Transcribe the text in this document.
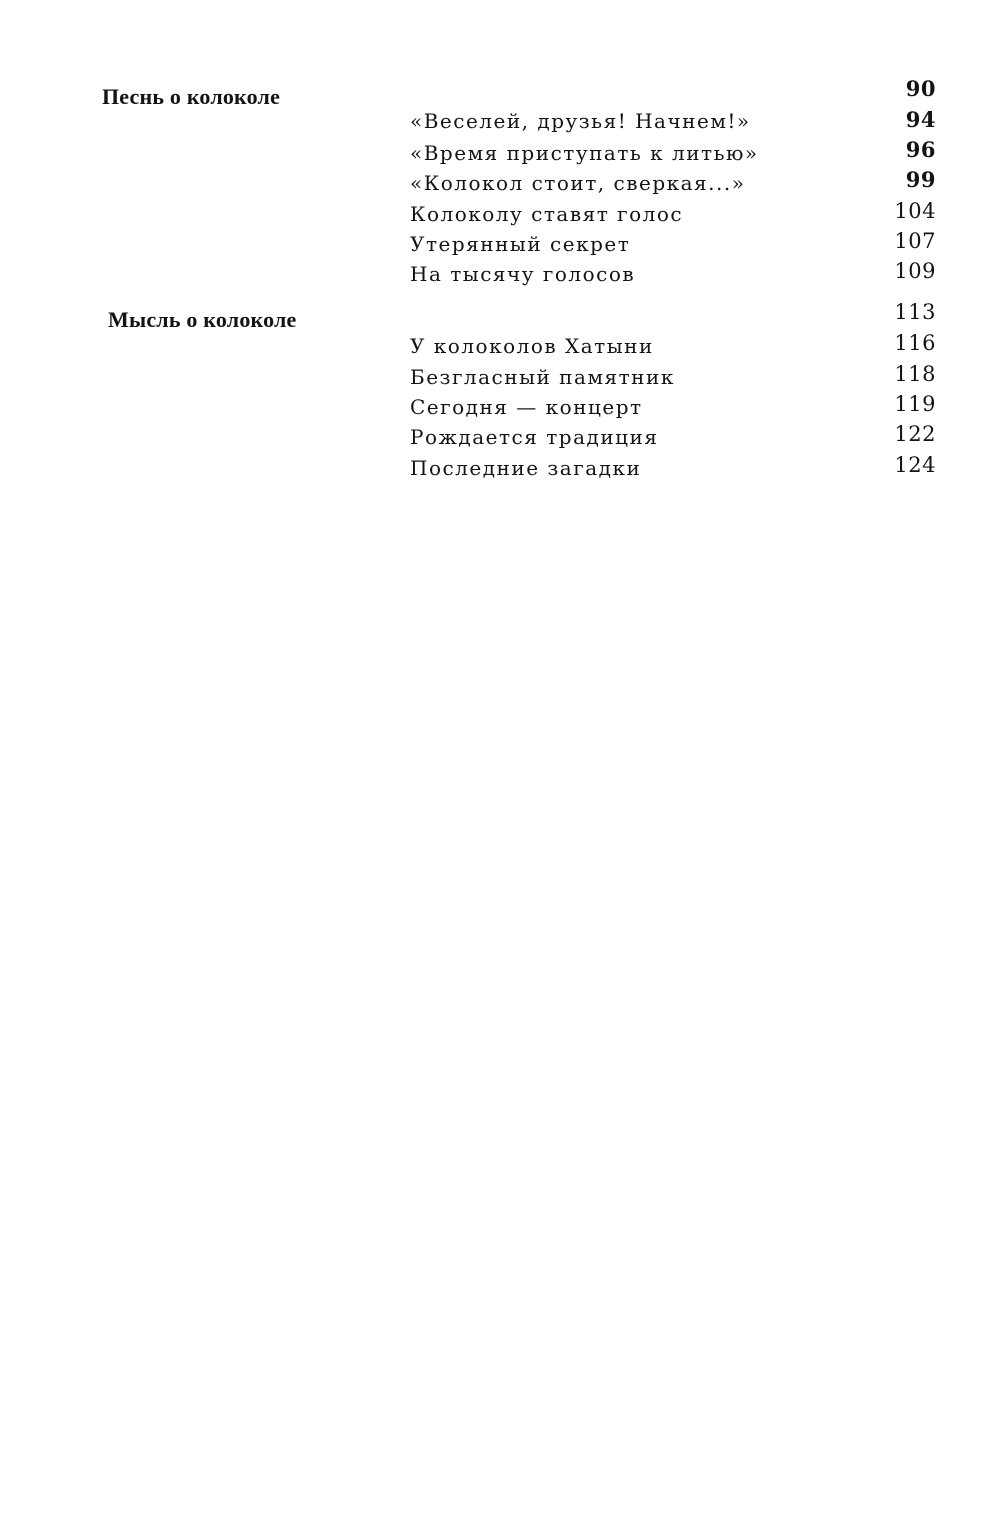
Песнь о колоколе	90
«Веселей, друзья! Начнем!»	94
«Время приступать к литью»	96
«Колокол стоит, сверкая...»	99
Колоколу ставят голос	104
Утерянный секрет	107
На тысячу голосов	109
Мысль о колоколе	113
У колоколов Хатыни	116
Безгласный памятник	118
Сегодня — концерт	119
Рождается традиция	122
Последние загадки	124
